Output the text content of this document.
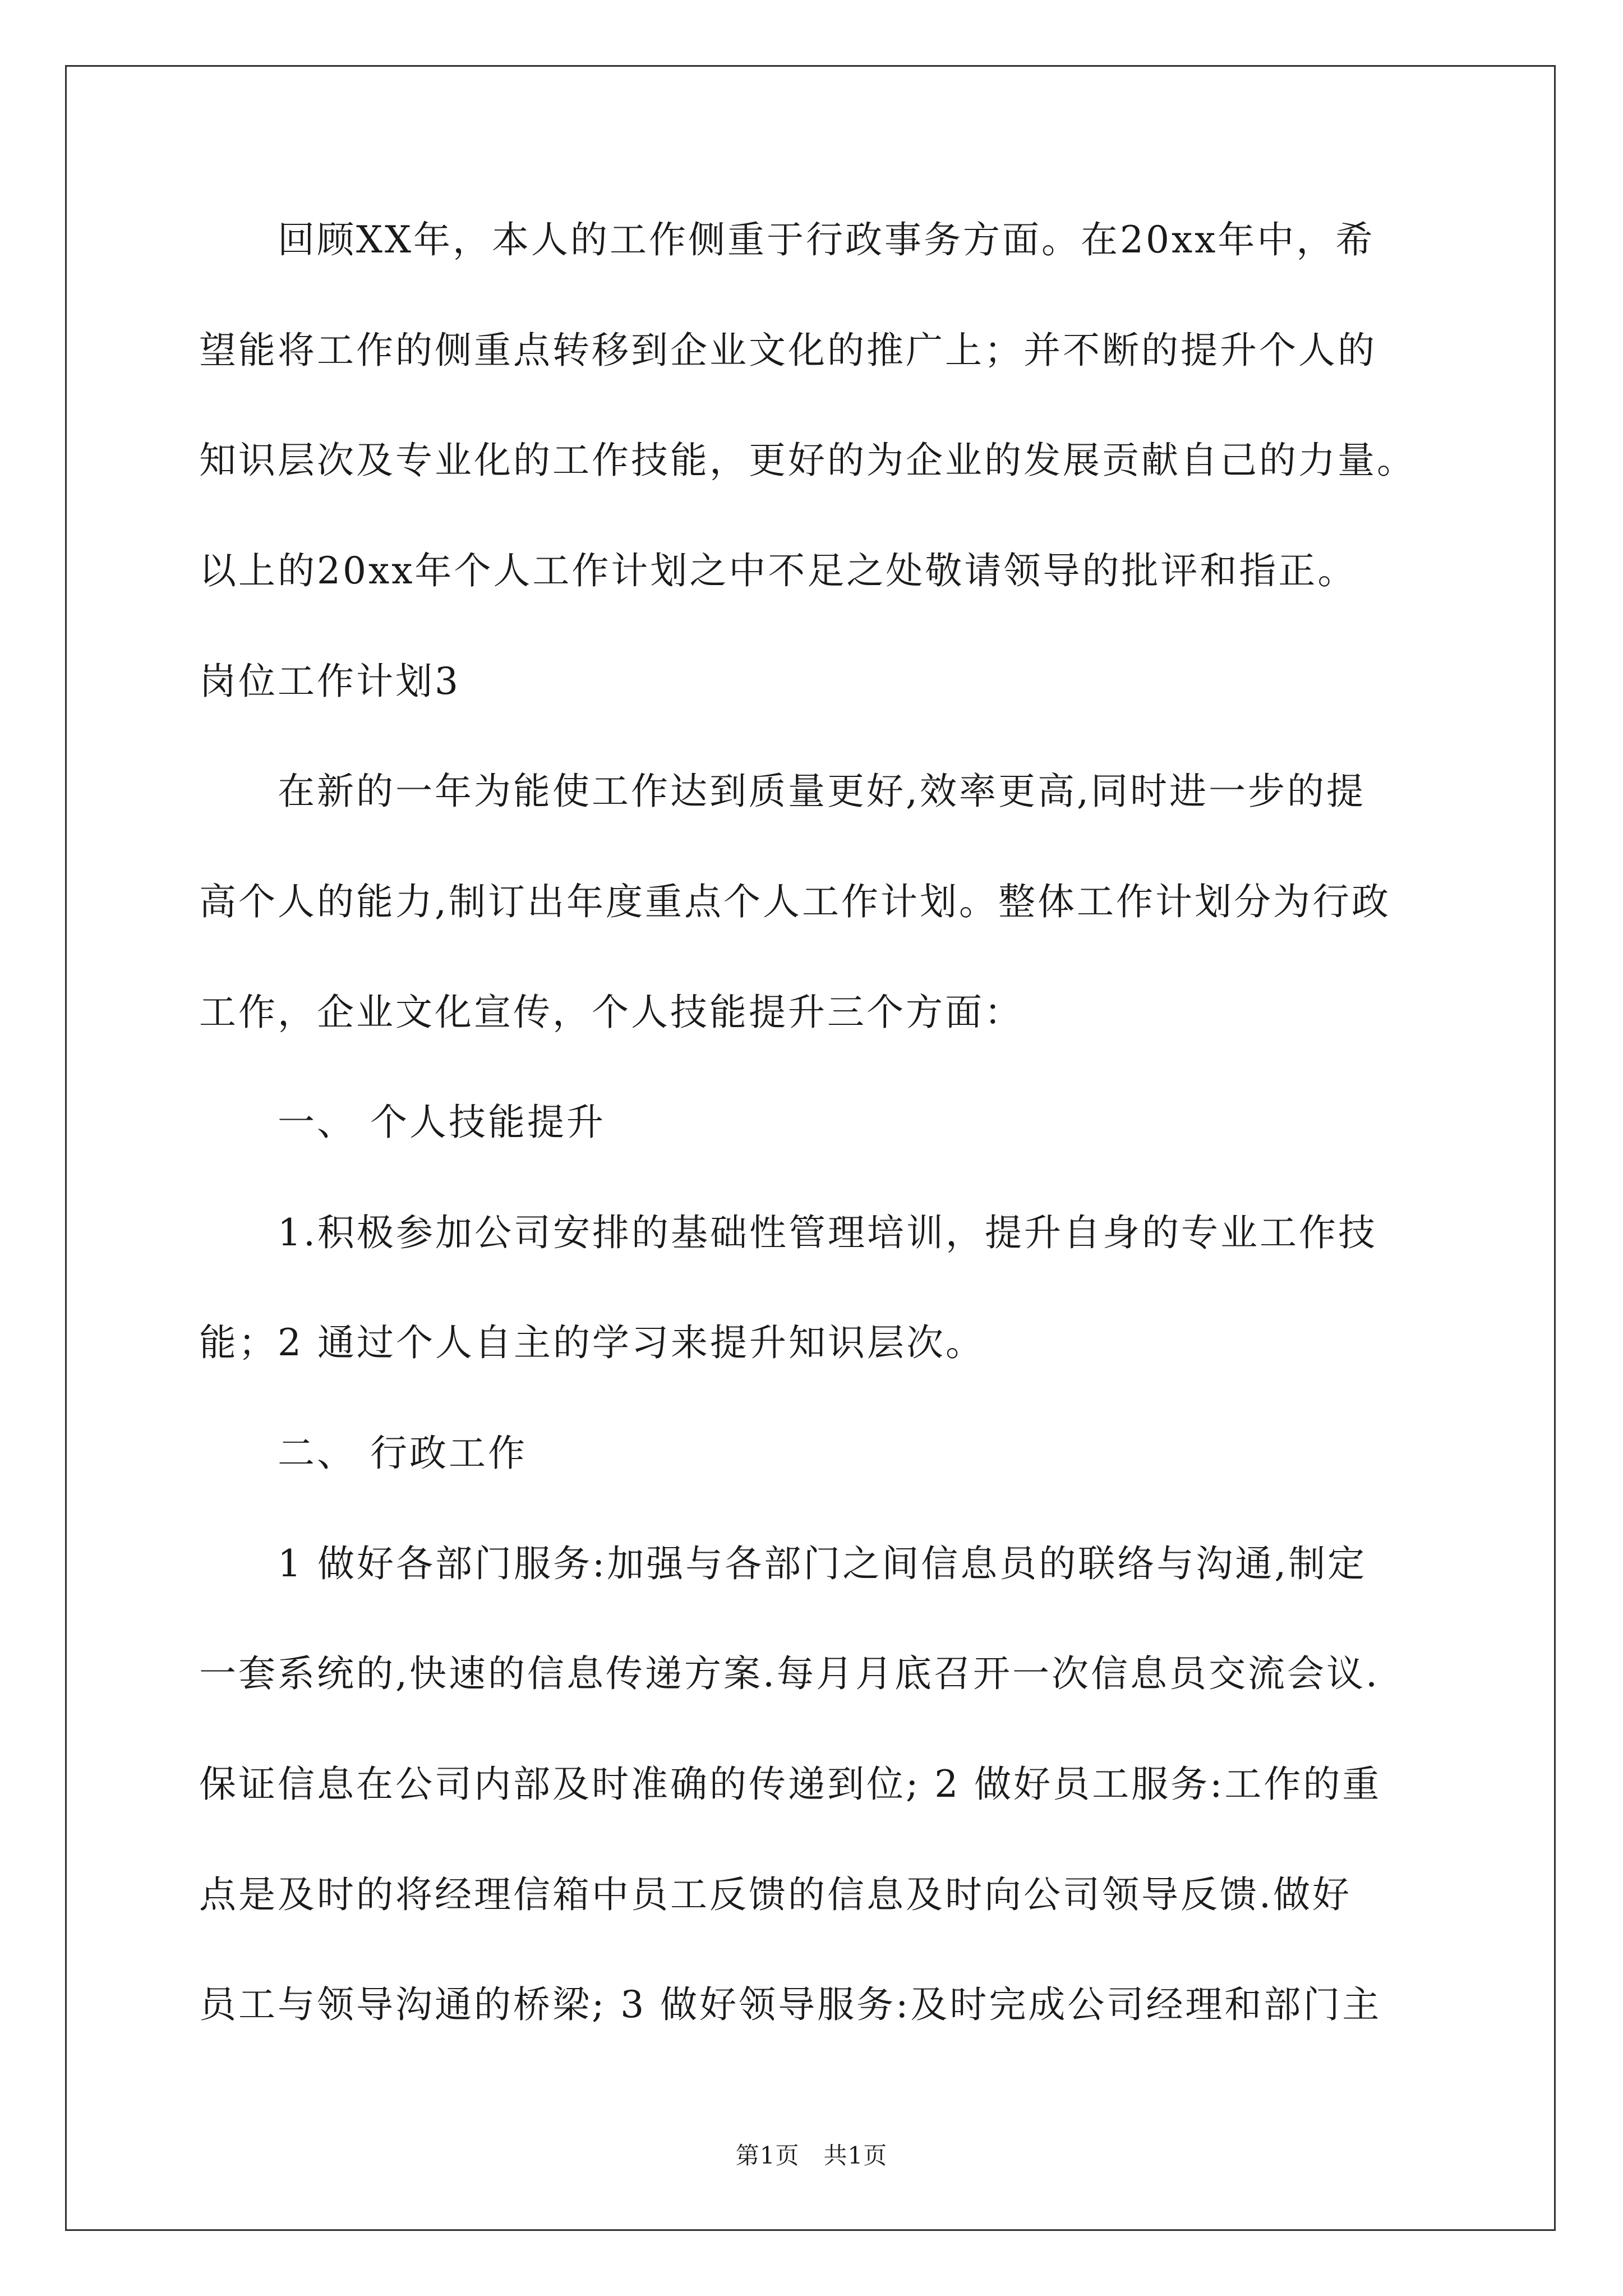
回顾XX年，本人的工作侧重于行政事务方面。在20xx年中，希
望能将工作的侧重点转移到企业文化的推广上；并不断的提升个人的
知识层次及专业化的工作技能，更好的为企业的发展贡献自己的力量。
以上的20xx年个人工作计划之中不足之处敬请领导的批评和指正。
岗位工作计划3
在新的一年为能使工作达到质量更好,效率更高,同时进一步的提
高个人的能力,制订出年度重点个人工作计划。整体工作计划分为行政
工作，企业文化宣传，个人技能提升三个方面：
一、 个人技能提升
1.积极参加公司安排的基础性管理培训，提升自身的专业工作技
能；2 通过个人自主的学习来提升知识层次。
二、 行政工作
1 做好各部门服务:加强与各部门之间信息员的联络与沟通,制定
一套系统的,快速的信息传递方案.每月月底召开一次信息员交流会议.
保证信息在公司内部及时准确的传递到位; 2 做好员工服务:工作的重
点是及时的将经理信箱中员工反馈的信息及时向公司领导反馈.做好
员工与领导沟通的桥梁; 3 做好领导服务:及时完成公司经理和部门主
第1页　共1页
